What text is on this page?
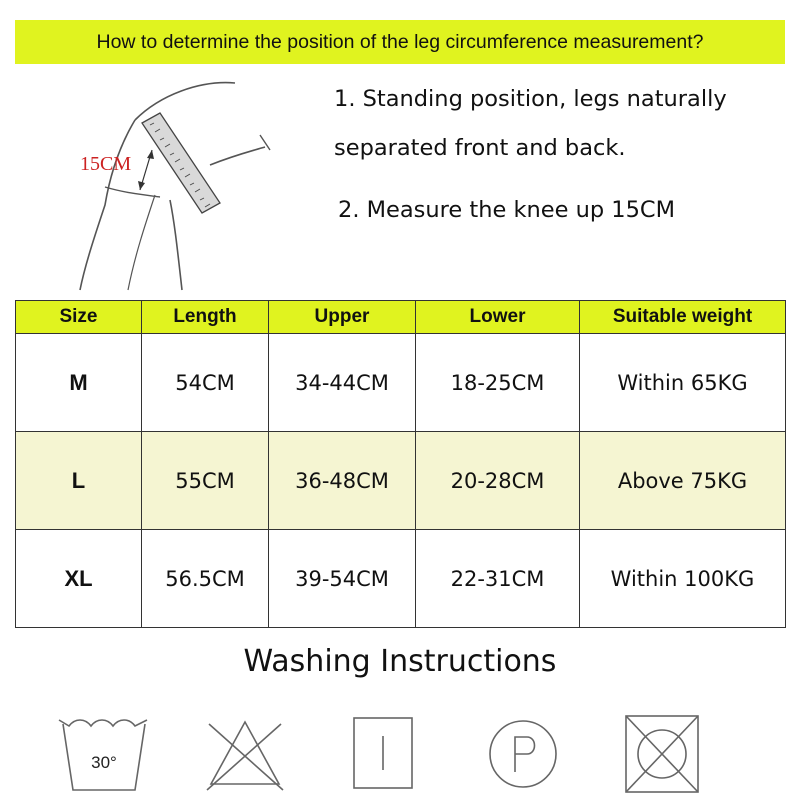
How to determine the position of the leg circumference measurement?
15CM
1. Standing position, legs naturally
separated front and back.
2. Measure the knee up 15CM
Size	Length	Upper	Lower	Suitable weight
M	54CM	34-44CM	18-25CM	Within 65KG
L	55CM	36-48CM	20-28CM	Above 75KG
XL	56.5CM	39-54CM	22-31CM	Within 100KG
Washing Instructions
30°
